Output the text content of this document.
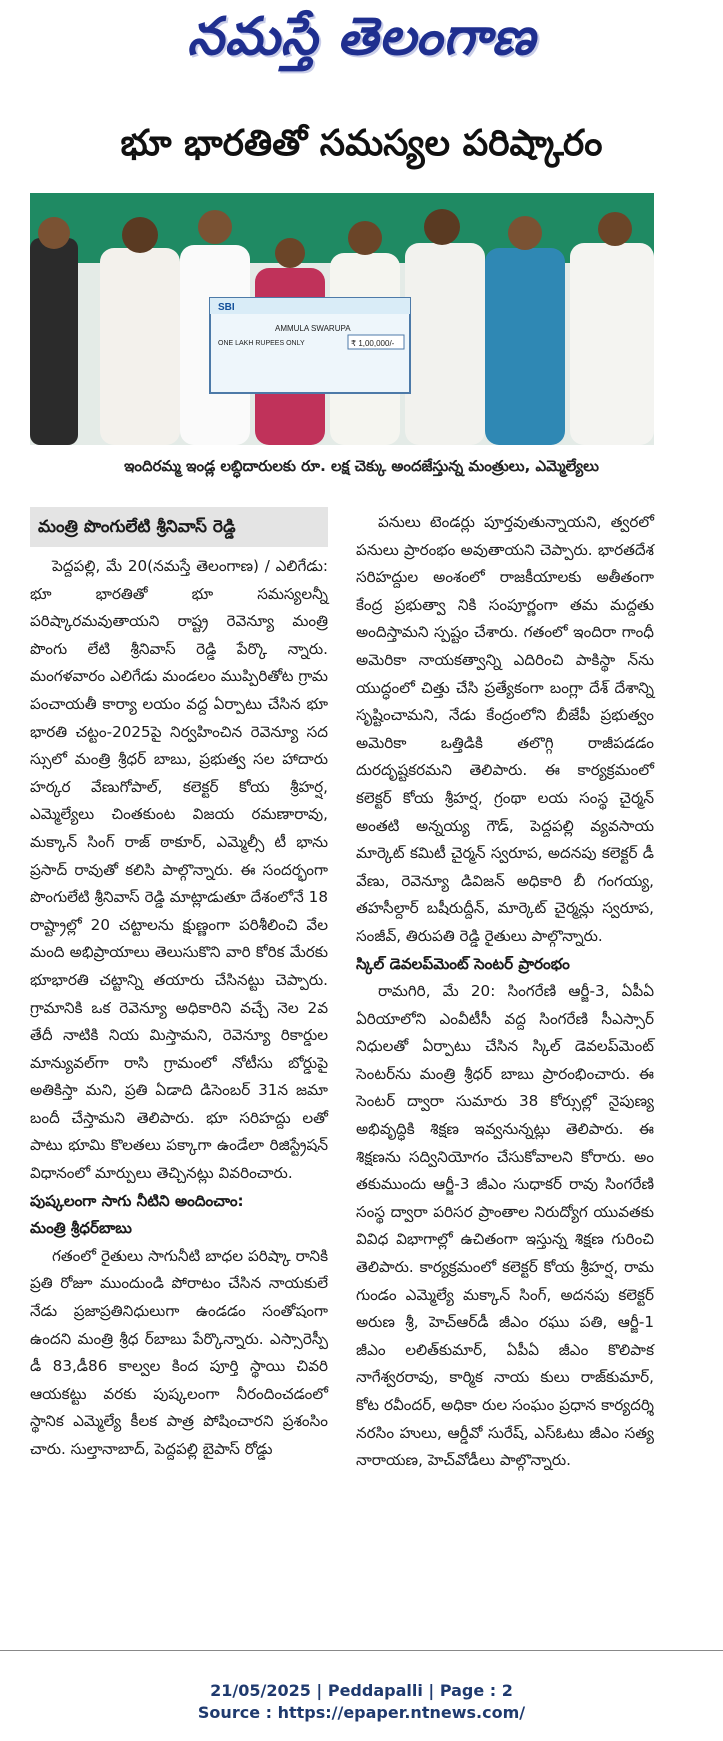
నమస్తే తెలంగాణ
భూ భారతితో సమస్యల పరిష్కారం
SBI
AMMULA SWARUPA
ONE LAKH RUPEES ONLY	₹ 1,00,000/-
ఇందిరమ్మ ఇండ్ల లబ్ధిదారులకు రూ. లక్ష చెక్కు అందజేస్తున్న మంత్రులు, ఎమ్మెల్యేలు
మంత్రి పొంగులేటి శ్రీనివాస్‌ రెడ్డి

పెద్దపల్లి, మే 20(నమస్తే తెలంగాణ) / ఎలిగేడు: భూ భారతితో భూ సమస్యలన్నీ పరిష్కారమవుతాయని రాష్ట్ర రెవెన్యూ మంత్రి పొంగు లేటి శ్రీనివాస్‌ రెడ్డి పేర్కొ న్నారు. మంగళవారం ఎలిగేడు మండలం ముప్పిరితోట గ్రామ పంచాయతీ కార్యా లయం వద్ద ఏర్పాటు చేసిన భూ భారతి చట్టం-2025పై నిర్వహించిన రెవెన్యూ సద స్సులో మంత్రి శ్రీధర్‌ బాబు, ప్రభుత్వ సల హాదారు హర్కర వేణుగోపాల్‌, కలెక్టర్‌ కోయ శ్రీహర్ష, ఎమ్మెల్యేలు చింతకుంట విజయ రమణారావు, మక్కాన్‌ సింగ్‌ రాజ్‌ ఠాకూర్‌, ఎమ్మెల్సీ టీ భాను ప్రసాద్‌ రావుతో కలిసి పాల్గొన్నారు. ఈ సందర్భంగా పొంగులేటి శ్రీనివాస్‌ రెడ్డి మాట్లాడుతూ దేశంలోనే 18 రాష్ట్రాల్లో 20 చట్టాలను క్షుణ్ణంగా పరిశీలించి వేల మంది అభిప్రాయాలు తెలుసుకొని వారి కోరిక మేరకు భూభారతి చట్టాన్ని తయారు చేసినట్టు చెప్పారు. గ్రామానికి ఒక రెవెన్యూ అధికారిని వచ్చే నెల 2వ తేదీ నాటికి నియ మిస్తామని, రెవెన్యూ రికార్డుల మాన్యువల్‌గా రాసి గ్రామంలో నోటీసు బోర్డుపై అతికిస్తా మని, ప్రతి ఏడాది డిసెంబర్‌ 31న జమా బందీ చేస్తామని తెలిపారు. భూ సరిహద్దు లతో పాటు భూమి కొలతలు పక్కాగా ఉండేలా రిజిస్ట్రేషన్‌ విధానంలో మార్పులు తెచ్చినట్లు వివరించారు.

పుష్కలంగా సాగు నీటిని అందించాం:

మంత్రి శ్రీధర్‌బాబు

గతంలో రైతులు సాగునీటి బాధల పరిష్కా రానికి ప్రతి రోజూ ముందుండి పోరాటం చేసిన నాయకులే నేడు ప్రజాప్రతినిధులుగా ఉండడం సంతోషంగా ఉందని మంత్రి శ్రీధ ర్‌బాబు పేర్కొన్నారు. ఎస్సారెస్పీ డీ 83,డీ86 కాల్వల కింద పూర్తి స్థాయి చివరి ఆయకట్టు వరకు పుష్కలంగా నీరందించడంలో స్థానిక ఎమ్మెల్యే కీలక పాత్ర పోషించారని ప్రశంసిం చారు. సుల్తానాబాద్‌, పెద్దపల్లి బైపాస్‌ రోడ్డు

పనులు టెండర్లు పూర్తవుతున్నాయని, త్వరలో పనులు ప్రారంభం అవుతాయని చెప్పారు. భారతదేశ సరిహద్దుల అంశంలో రాజకీయాలకు అతీతంగా కేంద్ర ప్రభుత్వా నికి సంపూర్ణంగా తమ మద్దతు అందిస్తామని స్పష్టం చేశారు. గతంలో ఇందిరా గాంధీ అమెరికా నాయకత్వాన్ని ఎదిరించి పాకిస్థా న్‌ను యుద్ధంలో చిత్తు చేసి ప్రత్యేకంగా బంగ్లా దేశ్‌ దేశాన్ని సృష్టించామని, నేడు కేంద్రంలోని బీజేపీ ప్రభుత్వం అమెరికా ఒత్తిడికి తలొగ్గి రాజీపడడం దురదృష్టకరమని తెలిపారు. ఈ కార్యక్రమంలో కలెక్టర్‌ కోయ శ్రీహర్ష, గ్రంథా లయ సంస్థ చైర్మన్‌ అంతటి అన్నయ్య గౌడ్‌, పెద్దపల్లి వ్యవసాయ మార్కెట్‌ కమిటీ చైర్మన్‌ స్వరూప, అదనపు కలెక్టర్‌ డీ వేణు, రెవెన్యూ డివిజన్‌ అధికారి బీ గంగయ్య, తహసీల్దార్‌ బషీరుద్దీన్‌, మార్కెట్‌ చైర్మన్లు స్వరూప, సంజీవ్‌, తిరుపతి రెడ్డి రైతులు పాల్గొన్నారు.

స్కిల్‌ డెవలప్‌మెంట్‌ సెంటర్‌ ప్రారంభం

రామగిరి, మే 20: సింగరేణి ఆర్జీ-3, ఏపీఏ ఏరియాలోని ఎంవీటీసీ వద్ద సింగరేణి సీఎస్సార్‌ నిధులతో ఏర్పాటు చేసిన స్కిల్‌ డెవలప్‌మెంట్‌ సెంటర్‌ను మంత్రి శ్రీధర్‌ బాబు ప్రారంభించారు. ఈ సెంటర్‌ ద్వారా సుమారు 38 కోర్సుల్లో నైపుణ్య అభివృద్ధికి శిక్షణ ఇవ్వనున్నట్లు తెలిపారు. ఈ శిక్షణను సద్వినియోగం చేసుకోవాలని కోరారు. అం తకుముందు ఆర్జీ-3 జీఎం సుధాకర్‌ రావు సింగరేణి సంస్థ ద్వారా పరిసర ప్రాంతాల నిరుద్యోగ యువతకు వివిధ విభాగాల్లో ఉచితంగా ఇస్తున్న శిక్షణ గురించి తెలిపారు. కార్యక్రమంలో కలెక్టర్‌ కోయ శ్రీహర్ష, రామ గుండం ఎమ్మెల్యే మక్కాన్‌ సింగ్‌, అదనపు కలెక్టర్‌ అరుణ శ్రీ, హెచ్‌ఆర్‌డీ జీఎం రఘు పతి, ఆర్జీ-1 జీఎం లలిత్‌కుమార్‌, ఏపీఏ జీఎం కొలిపాక నాగేశ్వరరావు, కార్మిక నాయ కులు రాజ్‌కుమార్‌, కోట రవీందర్‌, అధికా రుల సంఘం ప్రధాన కార్యదర్శి నరసిం హులు, ఆర్డీవో సురేష్‌, ఎస్‌ఓటు జీఎం సత్య నారాయణ, హెచ్‌వోడీలు పాల్గొన్నారు.

21/05/2025 | Peddapalli | Page : 2
Source : https://epaper.ntnews.com/
